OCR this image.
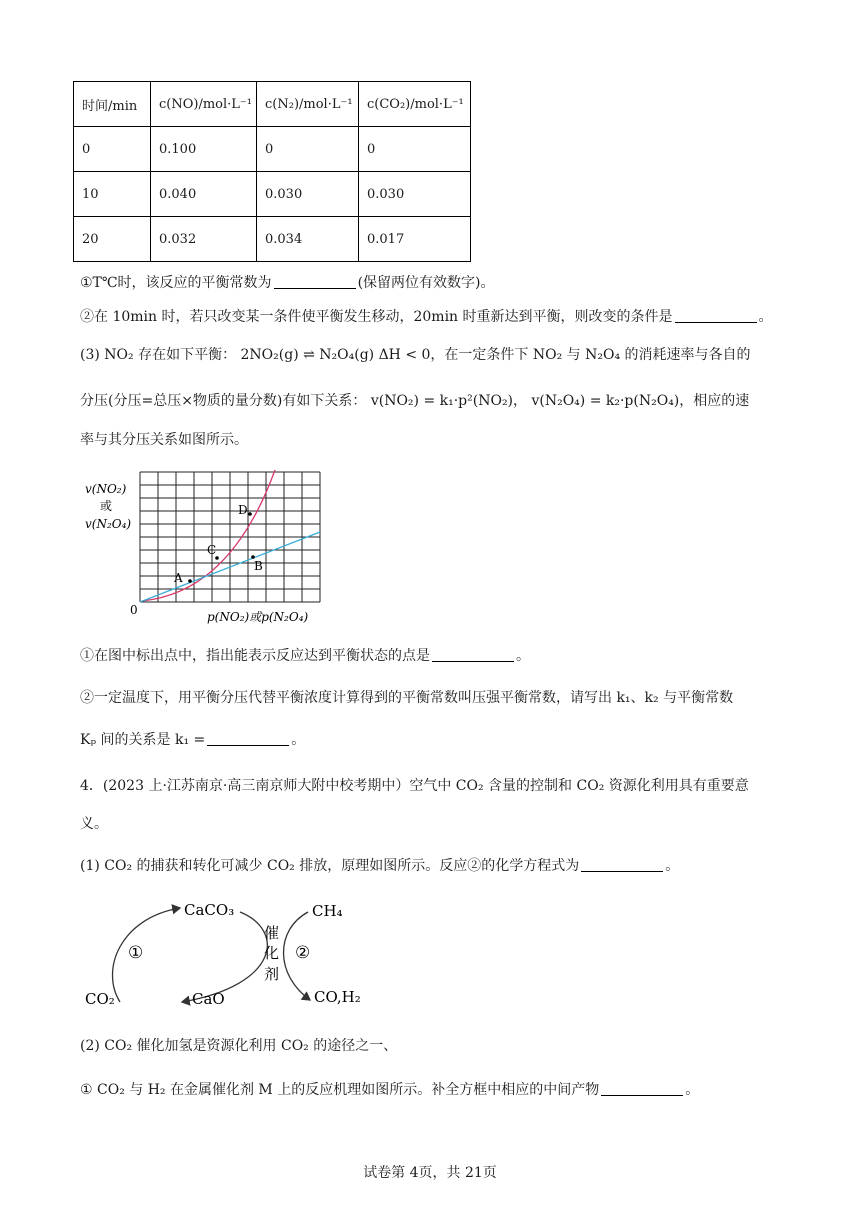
时间/min	c(NO)/mol·L⁻¹	c(N₂)/mol·L⁻¹	c(CO₂)/mol·L⁻¹
0	0.100	0	0
10	0.040	0.030	0.030
20	0.032	0.034	0.017
①T℃时，该反应的平衡常数为	(保留两位有效数字)。
②在 10min 时，若只改变某一条件使平衡发生移动，20min 时重新达到平衡，则改变的条件是	。
(3) NO₂ 存在如下平衡： 2NO₂(g) ⇌ N₂O₄(g) ΔH < 0，在一定条件下 NO₂ 与 N₂O₄ 的消耗速率与各自的
分压(分压=总压×物质的量分数)有如下关系： v(NO₂) = k₁·p²(NO₂)， v(N₂O₄) = k₂·p(N₂O₄)，相应的速
率与其分压关系如图所示。
A
B
C
D
v(NO₂)
或
v(N₂O₄)
0	p(NO₂)或p(N₂O₄)
①在图中标出点中，指出能表示反应达到平衡状态的点是	。
②一定温度下，用平衡分压代替平衡浓度计算得到的平衡常数叫压强平衡常数，请写出 k₁、k₂ 与平衡常数
Kₚ 间的关系是 k₁ =	。
4．(2023 上·江苏南京·高三南京师大附中校考期中）空气中 CO₂ 含量的控制和 CO₂ 资源化利用具有重要意
义。
(1) CO₂ 的捕获和转化可减少 CO₂ 排放，原理如图所示。反应②的化学方程式为	。
CaCO₃
CaO
CO₂
CH₄
CO,H₂
催
化
剂
①	②
(2) CO₂ 催化加氢是资源化利用 CO₂ 的途径之一、
① CO₂ 与 H₂ 在金属催化剂 M 上的反应机理如图所示。补全方框中相应的中间产物	。
试卷第 4页，共 21页
